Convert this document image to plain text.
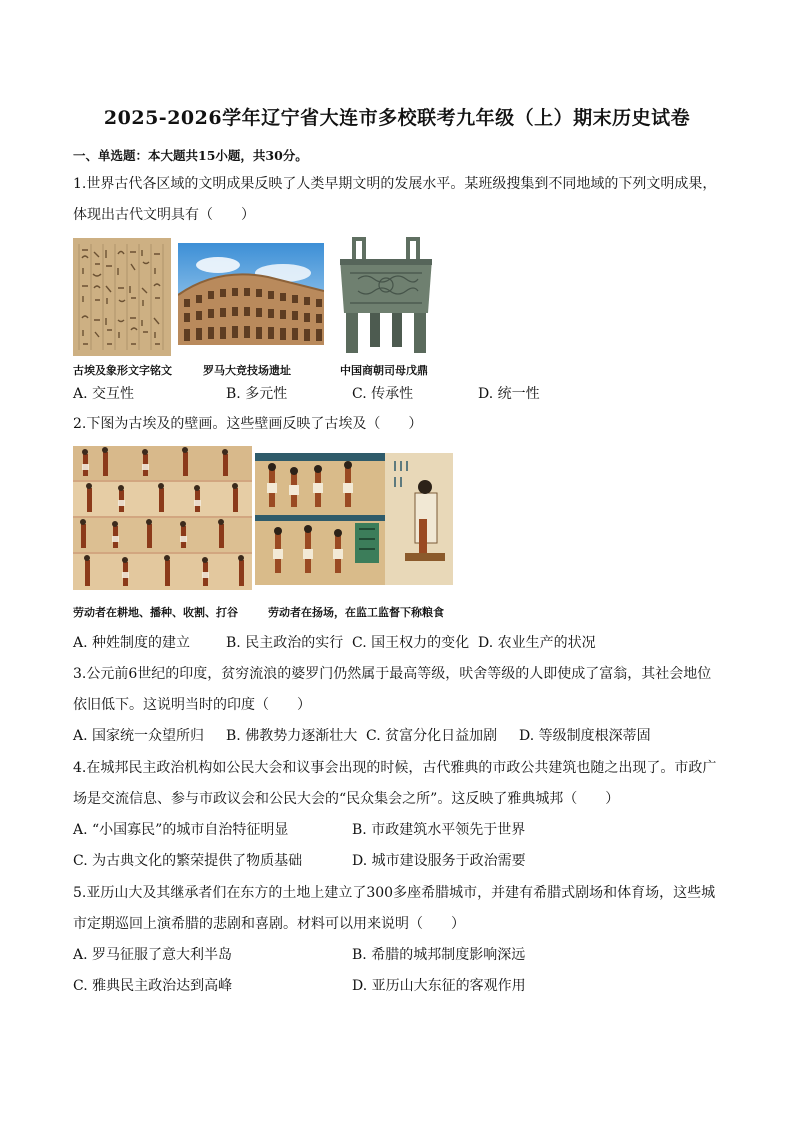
2025-2026学年辽宁省大连市多校联考九年级（上）期末历史试卷
一、单选题：本大题共15小题，共30分。
1.世界古代各区域的文明成果反映了人类早期文明的发展水平。某班级搜集到不同地域的下列文明成果，
体现出古代文明具有（　　）
古埃及象形文字铭文	罗马大竞技场遗址	中国商朝司母戊鼎
A. 交互性	B. 多元性	C. 传承性	D. 统一性
2.下图为古埃及的壁画。这些壁画反映了古埃及（　　）
劳动者在耕地、播种、收割、打谷	劳动者在扬场，在监工监督下称粮食
A. 种姓制度的建立	B. 民主政治的实行 C. 国王权力的变化 D. 农业生产的状况
3.公元前6世纪的印度，贫穷流浪的婆罗门仍然属于最高等级，吠舍等级的人即使成了富翁，其社会地位
依旧低下。这说明当时的印度（　　）
A. 国家统一众望所归 B. 佛教势力逐渐壮大 C. 贫富分化日益加剧 D. 等级制度根深蒂固
4.在城邦民主政治机构如公民大会和议事会出现的时候，古代雅典的市政公共建筑也随之出现了。市政广
场是交流信息、参与市政议会和公民大会的“民众集会之所”。这反映了雅典城邦（　　）
A. “小国寡民”的城市自治特征明显	B. 市政建筑水平领先于世界
C. 为古典文化的繁荣提供了物质基础	D. 城市建设服务于政治需要
5.亚历山大及其继承者们在东方的土地上建立了300多座希腊城市，并建有希腊式剧场和体育场，这些城
市定期巡回上演希腊的悲剧和喜剧。材料可以用来说明（　　）
A. 罗马征服了意大利半岛	B. 希腊的城邦制度影响深远
C. 雅典民主政治达到高峰	D. 亚历山大东征的客观作用
